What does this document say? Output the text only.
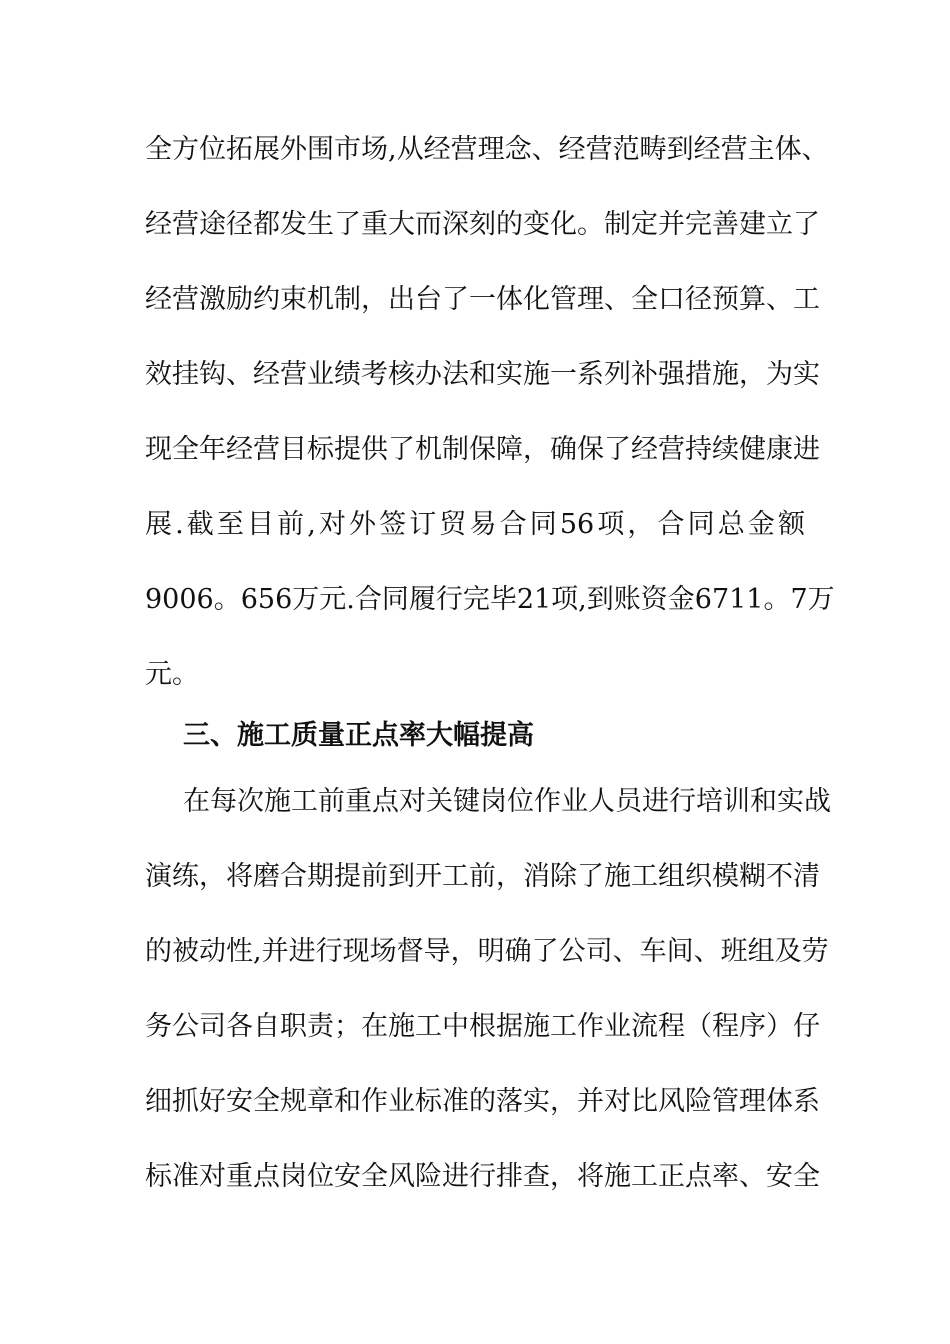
全方位拓展外围市场,从经营理念、经营范畴到经营主体、
经营途径都发生了重大而深刻的变化。制定并完善建立了
经营激励约束机制，出台了一体化管理、全口径预算、工
效挂钩、经营业绩考核办法和实施一系列补强措施，为实
现全年经营目标提供了机制保障，确保了经营持续健康进
展.截至目前,对外签订贸易合同56项，合同总金额
9006。656万元.合同履行完毕21项,到账资金6711。7万
元。
三、施工质量正点率大幅提高
在每次施工前重点对关键岗位作业人员进行培训和实战
演练，将磨合期提前到开工前，消除了施工组织模糊不清
的被动性,并进行现场督导，明确了公司、车间、班组及劳
务公司各自职责；在施工中根据施工作业流程（程序）仔
细抓好安全规章和作业标准的落实，并对比风险管理体系
标准对重点岗位安全风险进行排查，将施工正点率、安全
